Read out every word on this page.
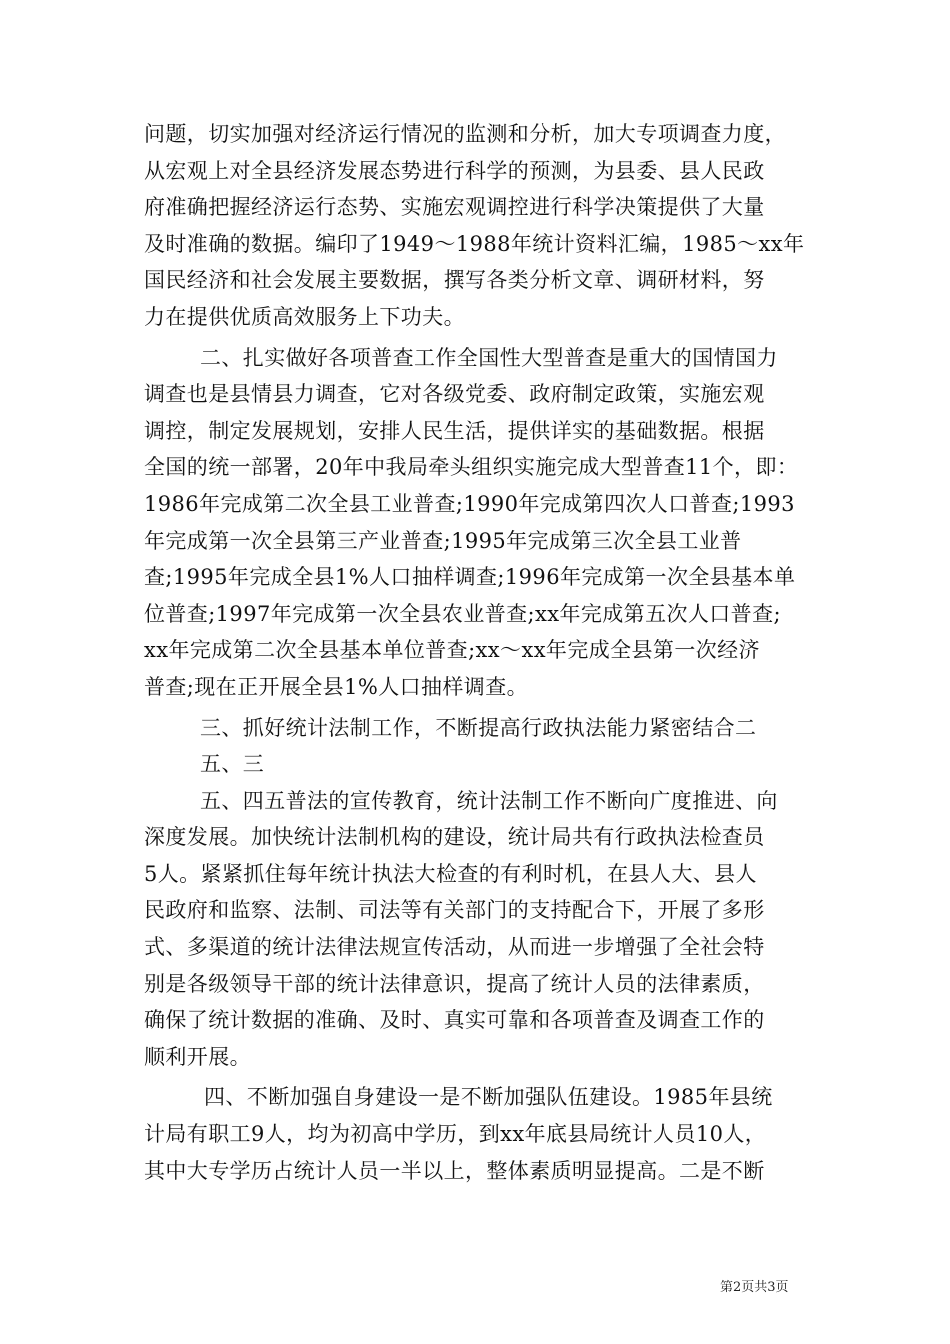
问题，切实加强对经济运行情况的监测和分析，加大专项调查力度，
从宏观上对全县经济发展态势进行科学的预测，为县委、县人民政
府准确把握经济运行态势、实施宏观调控进行科学决策提供了大量
及时准确的数据。编印了1949～1988年统计资料汇编，1985～xx年
国民经济和社会发展主要数据，撰写各类分析文章、调研材料，努
力在提供优质高效服务上下功夫。

二、扎实做好各项普查工作全国性大型普查是重大的国情国力
调查也是县情县力调查，它对各级党委、政府制定政策，实施宏观
调控，制定发展规划，安排人民生活，提供详实的基础数据。根据
全国的统一部署，20年中我局牵头组织实施完成大型普查11个，即：
1986年完成第二次全县工业普查;1990年完成第四次人口普查;1993
年完成第一次全县第三产业普查;1995年完成第三次全县工业普
查;1995年完成全县1%人口抽样调查;1996年完成第一次全县基本单
位普查;1997年完成第一次全县农业普查;xx年完成第五次人口普查;
xx年完成第二次全县基本单位普查;xx～xx年完成全县第一次经济
普查;现在正开展全县1%人口抽样调查。

三、抓好统计法制工作，不断提高行政执法能力紧密结合二
五、三

五、四五普法的宣传教育，统计法制工作不断向广度推进、向
深度发展。加快统计法制机构的建设，统计局共有行政执法检查员
5人。紧紧抓住每年统计执法大检查的有利时机，在县人大、县人
民政府和监察、法制、司法等有关部门的支持配合下，开展了多形
式、多渠道的统计法律法规宣传活动，从而进一步增强了全社会特
别是各级领导干部的统计法律意识，提高了统计人员的法律素质，
确保了统计数据的准确、及时、真实可靠和各项普查及调查工作的
顺利开展。

四、不断加强自身建设一是不断加强队伍建设。1985年县统
计局有职工9人，均为初高中学历，到xx年底县局统计人员10人，
其中大专学历占统计人员一半以上，整体素质明显提高。二是不断

第2页共3页
